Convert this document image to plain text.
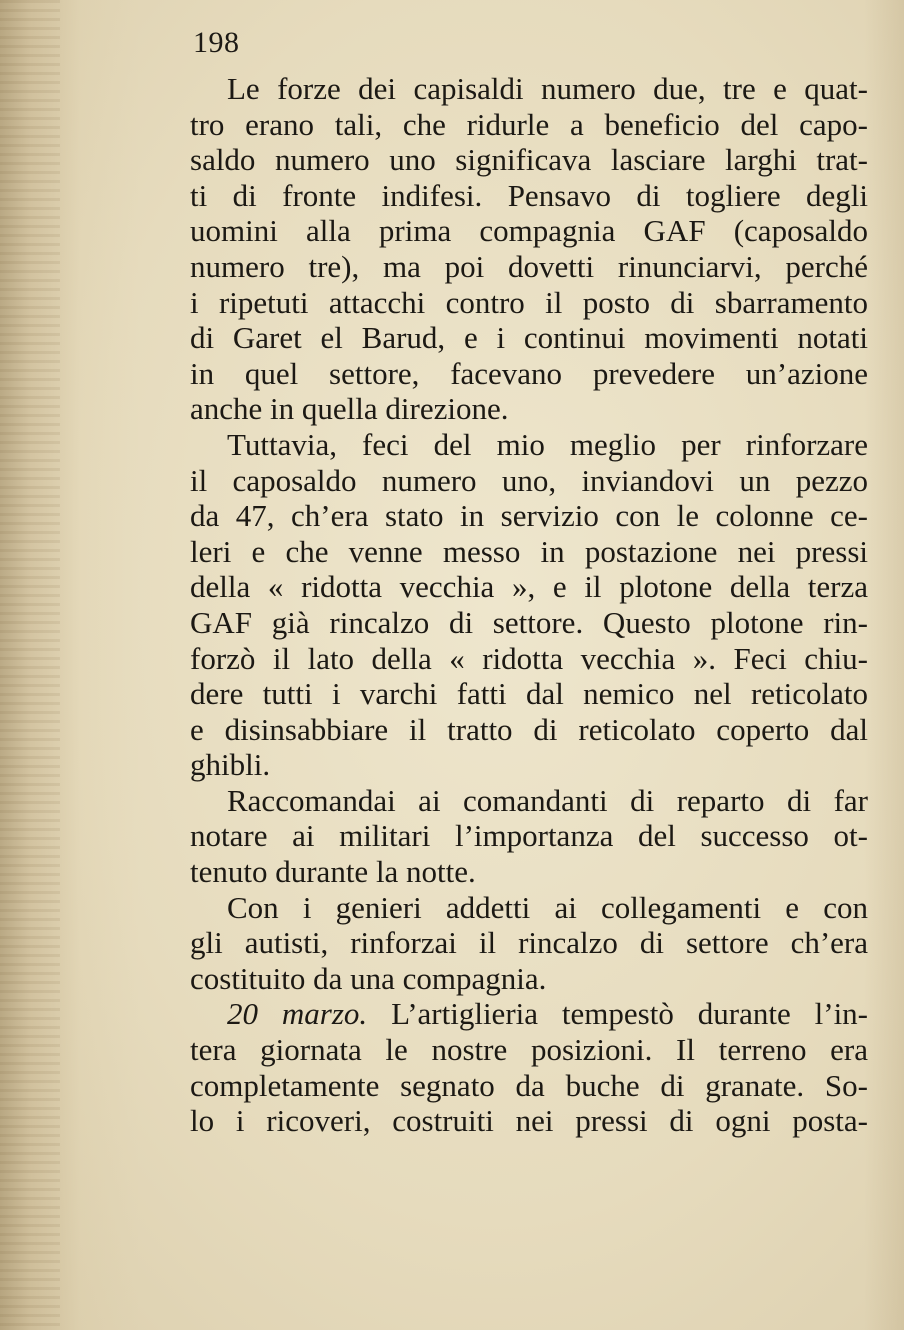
198
Le forze dei capisaldi numero due, tre e quat-
tro erano tali, che ridurle a beneficio del capo-
saldo numero uno significava lasciare larghi trat-
ti di fronte indifesi. Pensavo di togliere degli
uomini alla prima compagnia GAF (caposaldo
numero tre), ma poi dovetti rinunciarvi, perché
i ripetuti attacchi contro il posto di sbarramento
di Garet el Barud, e i continui movimenti notati
in quel settore, facevano prevedere un’azione
anche in quella direzione.
Tuttavia, feci del mio meglio per rinforzare
il caposaldo numero uno, inviandovi un pezzo
da 47, ch’era stato in servizio con le colonne ce-
leri e che venne messo in postazione nei pressi
della « ridotta vecchia », e il plotone della terza
GAF già rincalzo di settore. Questo plotone rin-
forzò il lato della « ridotta vecchia ». Feci chiu-
dere tutti i varchi fatti dal nemico nel reticolato
e disinsabbiare il tratto di reticolato coperto dal
ghibli.
Raccomandai ai comandanti di reparto di far
notare ai militari l’importanza del successo ot-
tenuto durante la notte.
Con i genieri addetti ai collegamenti e con
gli autisti, rinforzai il rincalzo di settore ch’era
costituito da una compagnia.
20 marzo. L’artiglieria tempestò durante l’in-
tera giornata le nostre posizioni. Il terreno era
completamente segnato da buche di granate. So-
lo i ricoveri, costruiti nei pressi di ogni posta-
